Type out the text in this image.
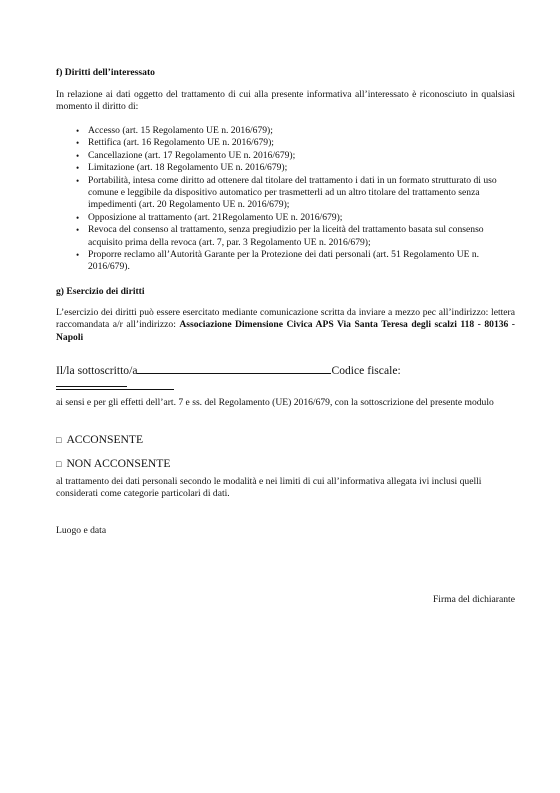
f) Diritti dell’interessato

In relazione ai dati oggetto del trattamento di cui alla presente informativa all’interessato è riconosciuto in qualsiasi momento il diritto di:

• Accesso (art. 15 Regolamento UE n. 2016/679);
• Rettifica (art. 16 Regolamento UE n. 2016/679);
• Cancellazione (art. 17 Regolamento UE n. 2016/679);
• Limitazione (art. 18 Regolamento UE n. 2016/679);
• Portabilità, intesa come diritto ad ottenere dal titolare del trattamento i dati in un formato strutturato di uso comune e leggibile da dispositivo automatico per trasmetterli ad un altro titolare del trattamento senza impedimenti (art. 20 Regolamento UE n. 2016/679);
• Opposizione al trattamento (art. 21Regolamento UE n. 2016/679);
• Revoca del consenso al trattamento, senza pregiudizio per la liceità del trattamento basata sul consenso acquisito prima della revoca (art. 7, par. 3 Regolamento UE n. 2016/679);
• Proporre reclamo all’Autorità Garante per la Protezione dei dati personali (art. 51 Regolamento UE n. 2016/679).
g) Esercizio dei diritti

L’esercizio dei diritti può essere esercitato mediante comunicazione scritta da inviare a mezzo pec all’indirizzo: lettera raccomandata a/r all’indirizzo: Associazione Dimensione Civica APS Via Santa Teresa degli scalzi 118 - 80136 - Napoli

Il/la sottoscritto/a	Codice fiscale:

ai sensi e per gli effetti dell’art. 7 e ss. del Regolamento (UE) 2016/679, con la sottoscrizione del presente modulo

□ ACCONSENTE
□ NON ACCONSENTE

al trattamento dei dati personali secondo le modalità e nei limiti di cui all’informativa allegata ivi inclusi quelli considerati come categorie particolari di dati.

Luogo e data

Firma del dichiarante
